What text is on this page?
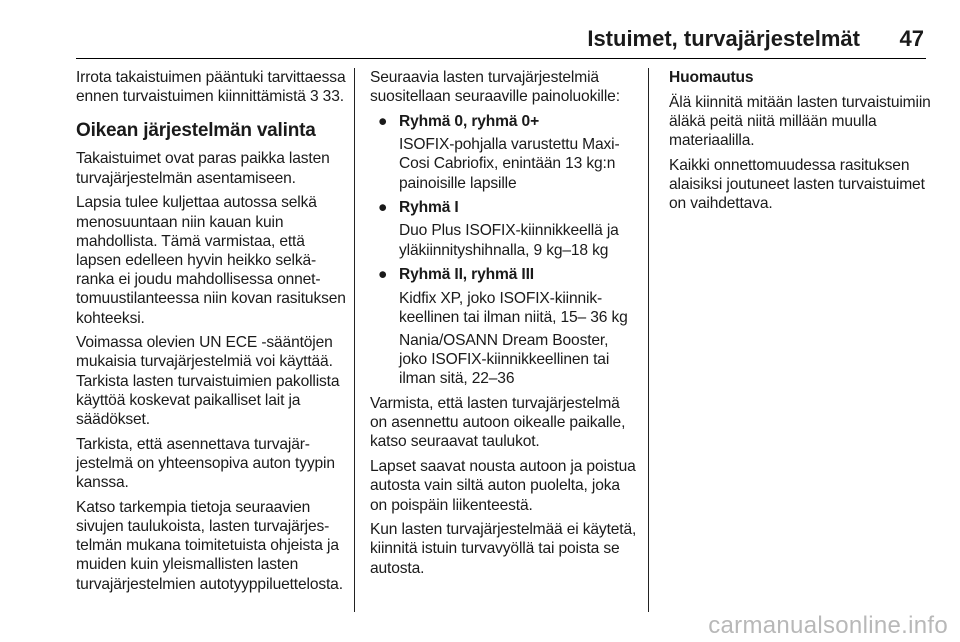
Istuimet, turvajärjestelmät 47

Irrota takaistuimen pääntuki tarvittaessa ennen turvaistuimen kiinnittämistä 3 33.

Oikean järjestelmän valinta

Takaistuimet ovat paras paikka lasten turvajärjestelmän asentamiseen.

Lapsia tulee kuljettaa autossa selkä menosuuntaan niin kauan kuin mahdollista. Tämä varmistaa, että lapsen edelleen hyvin heikko selkäranka ei joudu mahdollisessa onnettomuustilanteessa niin kovan rasituksen kohteeksi.

Voimassa olevien UN ECE -sääntöjen mukaisia turvajärjestelmiä voi käyttää. Tarkista lasten turvaistuimien pakollista käyttöä koskevat paikalliset lait ja säädökset.

Tarkista, että asennettava turvajärjestelmä on yhteensopiva auton tyypin kanssa.

Katso tarkempia tietoja seuraavien sivujen taulukoista, lasten turvajärjestelmän mukana toimitetuista ohjeista ja muiden kuin yleismallisten lasten turvajärjestelmien autotyyppiluettelosta.

Seuraavia lasten turvajärjestelmiä suositellaan seuraaville painoluokille:

● Ryhmä 0, ryhmä 0+

ISOFIX-pohjalla varustettu Maxi-Cosi Cabriofix, enintään 13 kg:n painoisille lapsille

● Ryhmä I

Duo Plus ISOFIX-kiinnikkeellä ja yläkiinnityshihnalla, 9 kg–18 kg

● Ryhmä II, ryhmä III

Kidfix XP, joko ISOFIX-kiinnikkeellinen tai ilman niitä, 15– 36 kg

Nania/OSANN Dream Booster, joko ISOFIX-kiinnikkeellinen tai ilman sitä, 22–36

Varmista, että lasten turvajärjestelmä on asennettu autoon oikealle paikalle, katso seuraavat taulukot.

Lapset saavat nousta autoon ja poistua autosta vain siltä auton puolelta, joka on poispäin liikenteestä.

Kun lasten turvajärjestelmää ei käytetä, kiinnitä istuin turvavyöllä tai poista se autosta.

Huomautus

Älä kiinnitä mitään lasten turvaistuimiin äläkä peitä niitä millään muulla materiaalilla.

Kaikki onnettomuudessa rasituksen alaisiksi joutuneet lasten turvaistuimet on vaihdettava.

carmanualsonline.info
